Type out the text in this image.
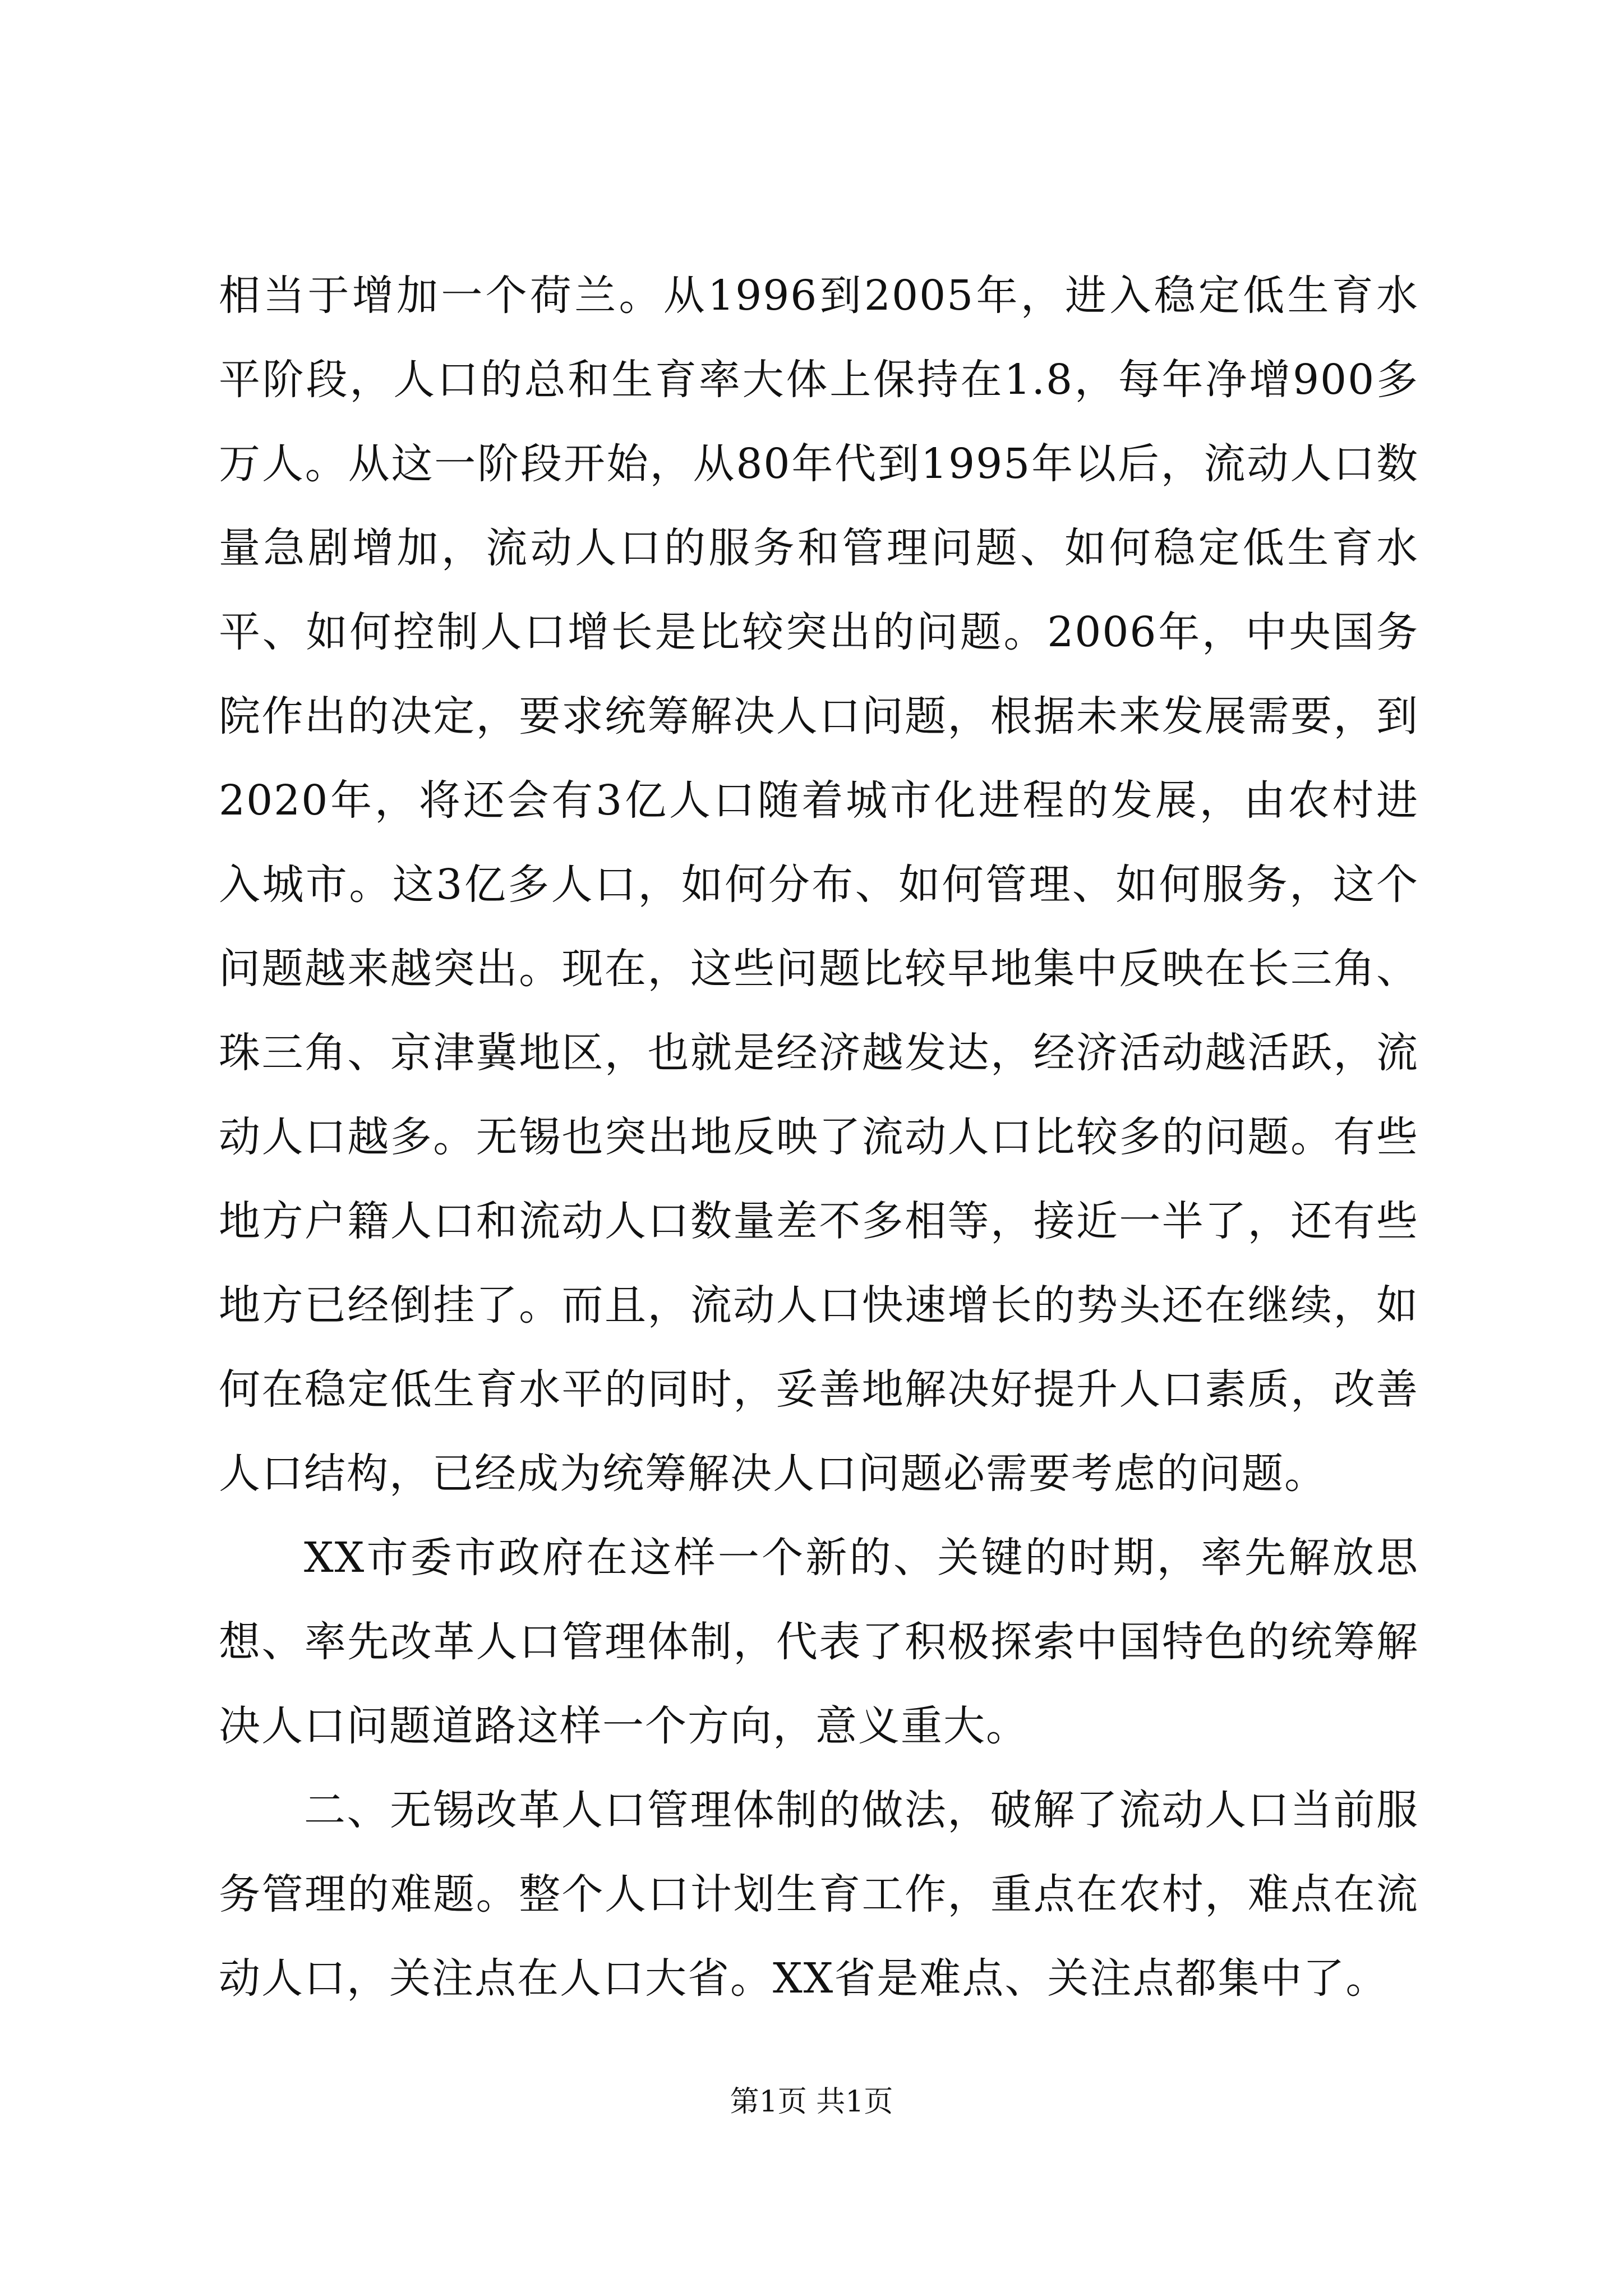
相当于增加一个荷兰。从1996到2005年，进入稳定低生育水平阶段，人口的总和生育率大体上保持在1.8，每年净增900多万人。从这一阶段开始，从80年代到1995年以后，流动人口数量急剧增加，流动人口的服务和管理问题、如何稳定低生育水平、如何控制人口增长是比较突出的问题。2006年，中央国务院作出的决定，要求统筹解决人口问题，根据未来发展需要，到2020年，将还会有3亿人口随着城市化进程的发展，由农村进入城市。这3亿多人口，如何分布、如何管理、如何服务，这个问题越来越突出。现在，这些问题比较早地集中反映在长三角、珠三角、京津冀地区，也就是经济越发达，经济活动越活跃，流动人口越多。无锡也突出地反映了流动人口比较多的问题。有些地方户籍人口和流动人口数量差不多相等，接近一半了，还有些地方已经倒挂了。而且，流动人口快速增长的势头还在继续，如何在稳定低生育水平的同时，妥善地解决好提升人口素质，改善人口结构，已经成为统筹解决人口问题必需要考虑的问题。

XX市委市政府在这样一个新的、关键的时期，率先解放思想、率先改革人口管理体制，代表了积极探索中国特色的统筹解决人口问题道路这样一个方向，意义重大。

二、无锡改革人口管理体制的做法，破解了流动人口当前服务管理的难题。整个人口计划生育工作，重点在农村，难点在流动人口，关注点在人口大省。XX省是难点、关注点都集中了。

第1页 共1页
